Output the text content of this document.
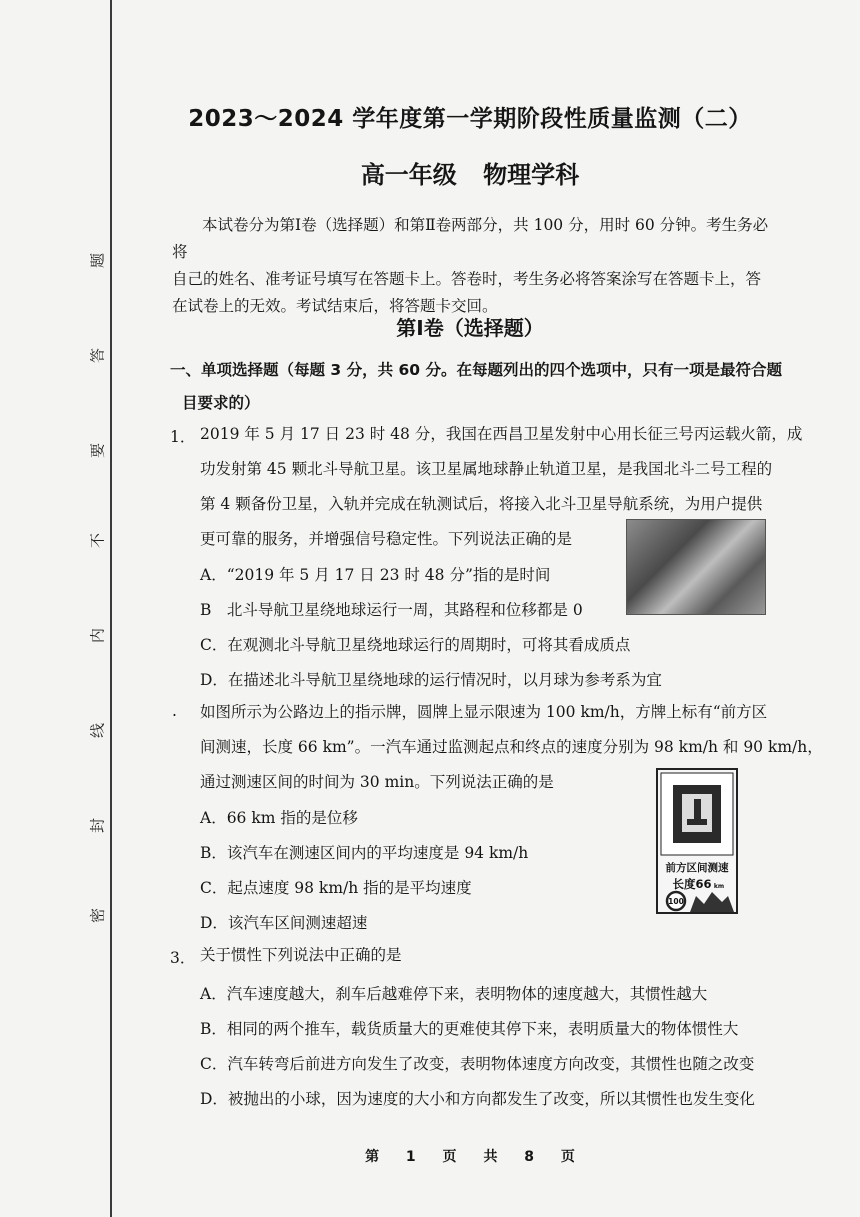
题
答
要
不
内
线
封
密
2023～2024 学年度第一学期阶段性质量监测（二）
高一年级 物理学科

本试卷分为第Ⅰ卷（选择题）和第Ⅱ卷两部分，共 100 分，用时 60 分钟。考生务必将

自己的姓名、准考证号填写在答题卡上。答卷时，考生务必将答案涂写在答题卡上，答

在试卷上的无效。考试结束后，将答题卡交回。

第Ⅰ卷（选择题）
一、单项选择题（每题 3 分，共 60 分。在每题列出的四个选项中，只有一项是最符合题
目要求的）
1． 2019 年 5 月 17 日 23 时 48 分，我国在西昌卫星发射中心用长征三号丙运载火箭，成
功发射第 45 颗北斗导航卫星。该卫星属地球静止轨道卫星，是我国北斗二号工程的
第 4 颗备份卫星，入轨并完成在轨测试后，将接入北斗卫星导航系统，为用户提供
更可靠的服务，并增强信号稳定性。下列说法正确的是
A．“2019 年 5 月 17 日 23 时 48 分”指的是时间
B　北斗导航卫星绕地球运行一周，其路程和位移都是 0
C．在观测北斗导航卫星绕地球运行的周期时，可将其看成质点
D．在描述北斗导航卫星绕地球的运行情况时，以月球为参考系为宜
. 如图所示为公路边上的指示牌，圆牌上显示限速为 100 km/h，方牌上标有“前方区
间测速，长度 66 km”。一汽车通过监测起点和终点的速度分别为 98 km/h 和 90 km/h，
通过测速区间的时间为 30 min。下列说法正确的是
前方区间测速
长度66 km
100
A．66 km 指的是位移
B．该汽车在测速区间内的平均速度是 94 km/h
C．起点速度 98 km/h 指的是平均速度
D．该汽车区间测速超速
3． 关于惯性下列说法中正确的是
A．汽车速度越大，刹车后越难停下来，表明物体的速度越大，其惯性越大
B．相同的两个推车，载货质量大的更难使其停下来，表明质量大的物体惯性大
C．汽车转弯后前进方向发生了改变，表明物体速度方向改变，其惯性也随之改变
D．被抛出的小球，因为速度的大小和方向都发生了改变，所以其惯性也发生变化
第 1 页 共 8 页
